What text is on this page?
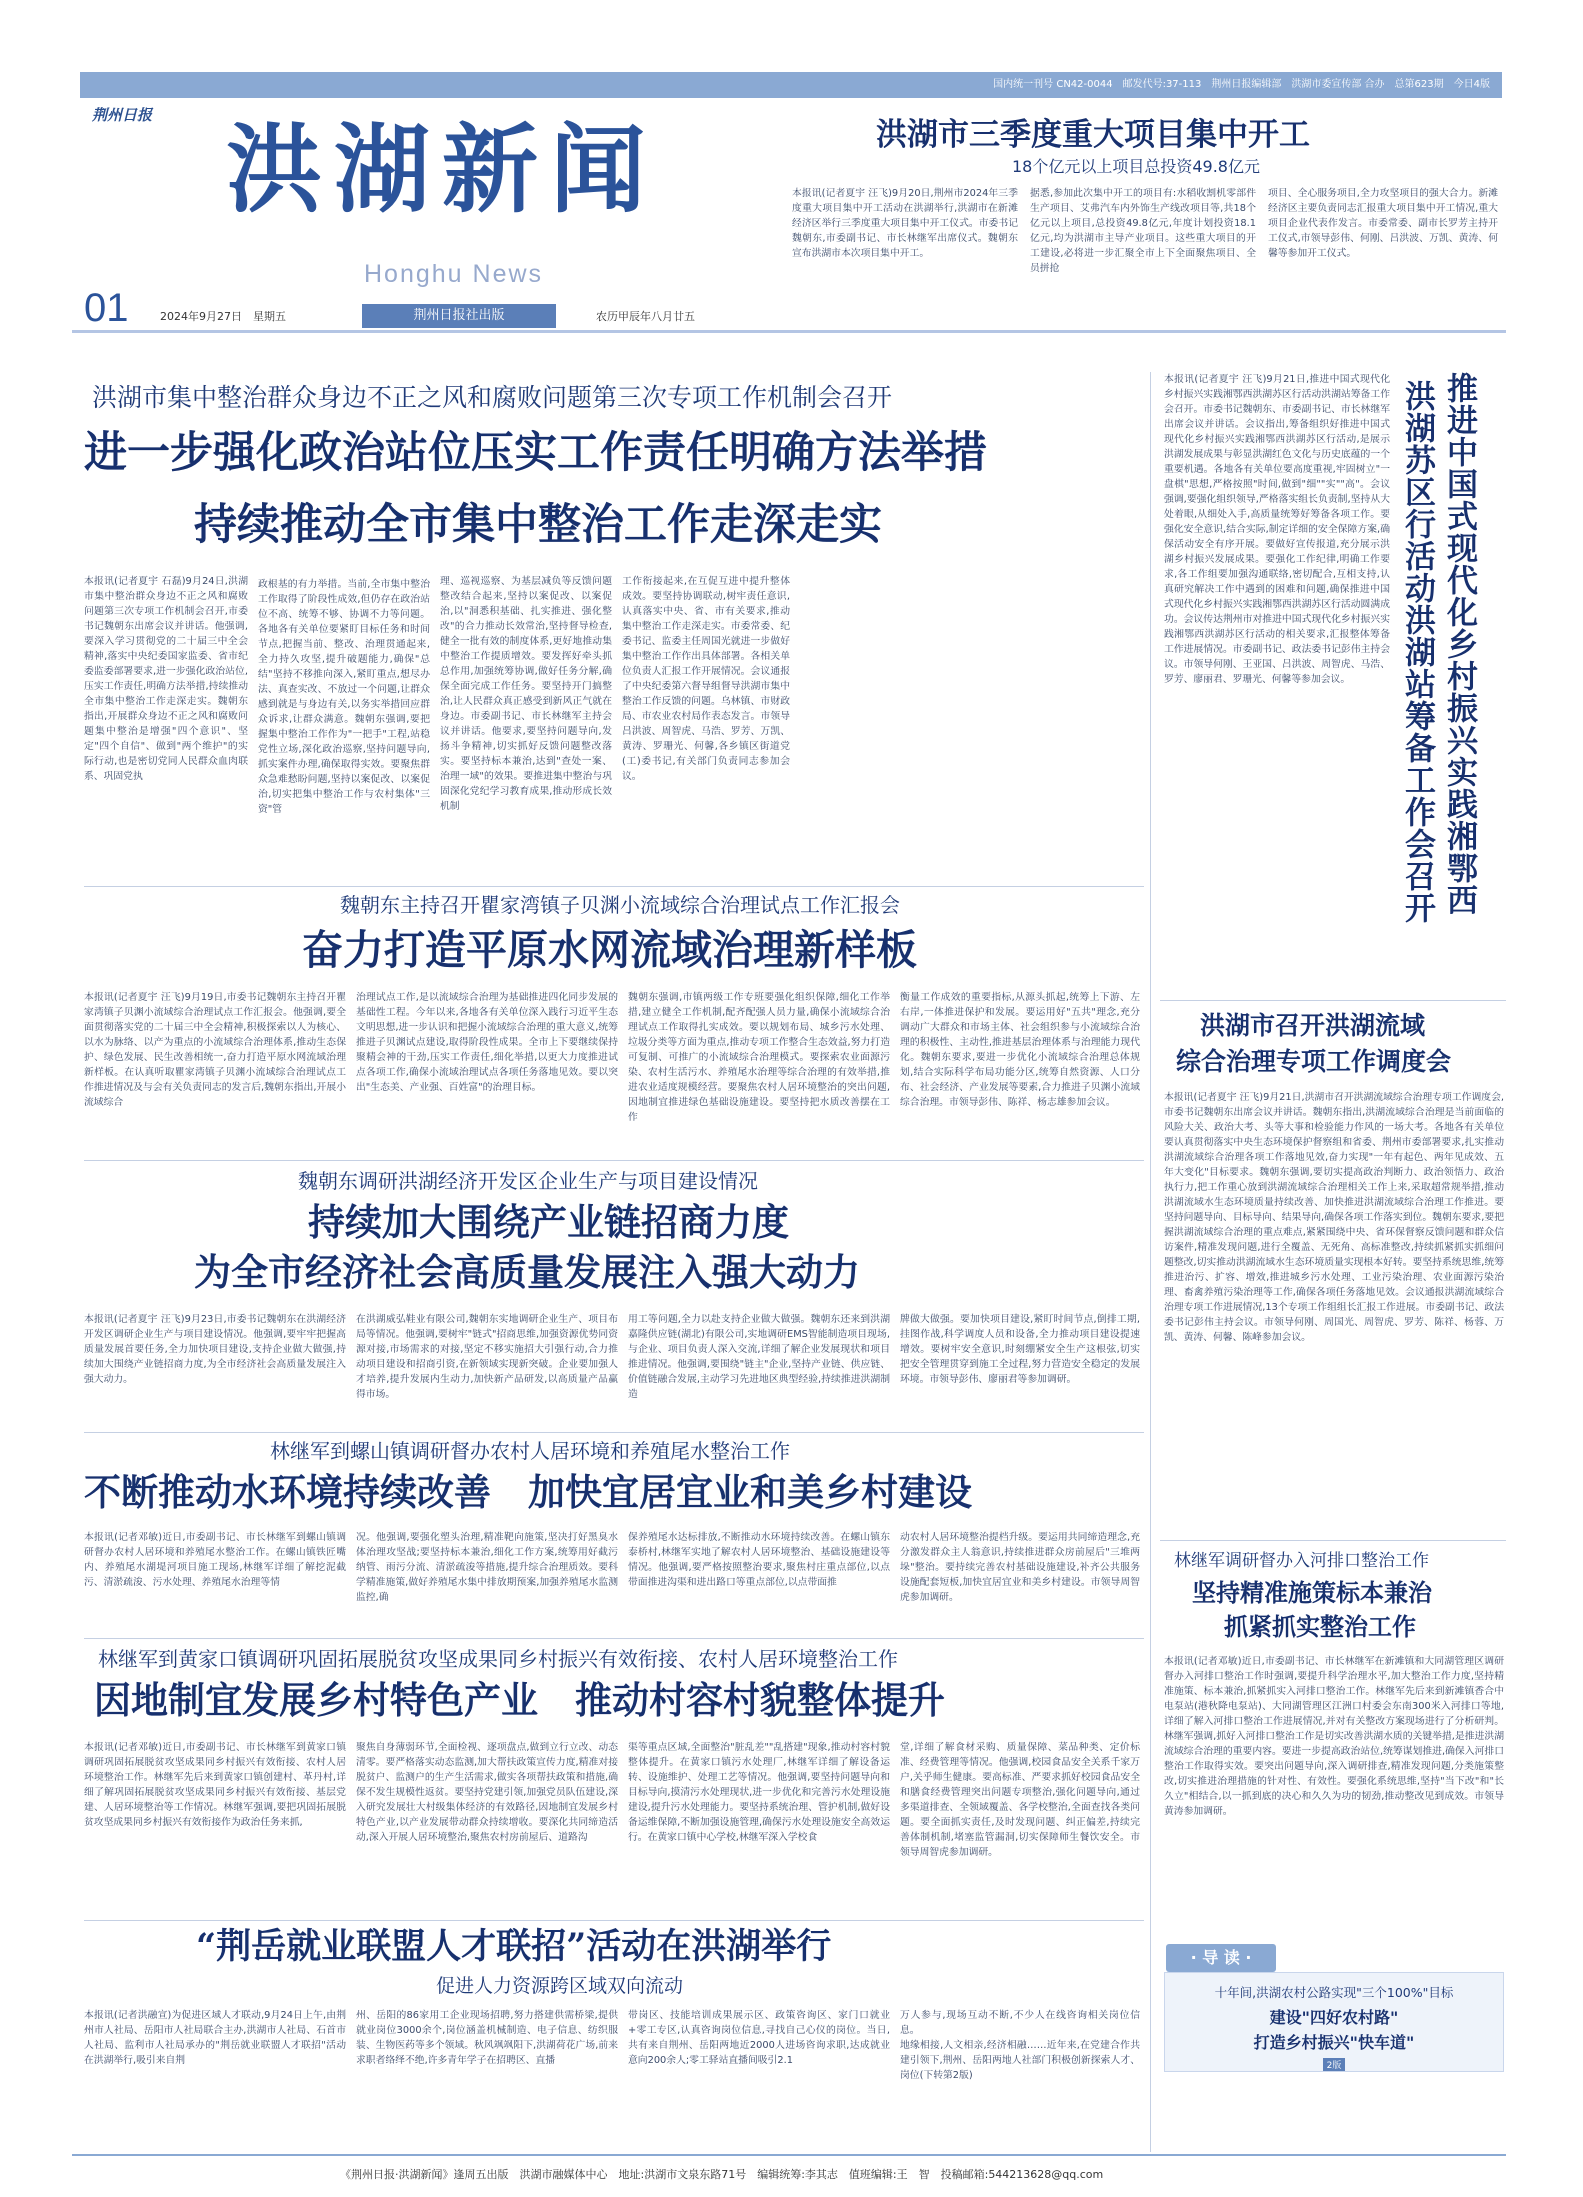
国内统一刊号 CN42-0044　邮发代号:37-113　荆州日报编辑部　洪湖市委宣传部 合办　总第623期　今日4版
荆州日报 洪湖新闻
Honghu News
01	2024年9月27日　星期五	荆州日报社出版	农历甲辰年八月廿五
洪湖市三季度重大项目集中开工
18个亿元以上项目总投资49.8亿元
本报讯(记者夏宇 汪飞)9月20日,荆州市2024年三季度重大项目集中开工活动在洪湖举行,洪湖市在新滩经济区举行三季度重大项目集中开工仪式。市委书记魏朝东,市委副书记、市长林继军出席仪式。魏朝东宣布洪湖市本次项目集中开工。
据悉,参加此次集中开工的项目有:水稻收割机零部件生产项目、艾弗汽车内外饰生产线改项目等,共18个亿元以上项目,总投资49.8亿元,年度计划投资18.1亿元,均为洪湖市主导产业项目。这些重大项目的开工建设,必将进一步汇聚全市上下全面聚焦项目、全员拼抢
项目、全心服务项目,全力攻坚项目的强大合力。新滩经济区主要负责同志汇报重大项目集中开工情况,重大项目企业代表作发言。市委常委、副市长罗芳主持开工仪式,市领导彭伟、何刚、吕洪波、万凯、黄涛、何馨等参加开工仪式。
洪湖市集中整治群众身边不正之风和腐败问题第三次专项工作机制会召开
进一步强化政治站位压实工作责任明确方法举措
持续推动全市集中整治工作走深走实
本报讯(记者夏宇 石磊)9月24日,洪湖市集中整治群众身边不正之风和腐败问题第三次专项工作机制会召开,市委书记魏朝东出席会议并讲话。他强调,要深入学习贯彻党的二十届三中全会精神,落实中央纪委国家监委、省市纪委监委部署要求,进一步强化政治站位,压实工作责任,明确方法举措,持续推动全市集中整治工作走深走实。魏朝东指出,开展群众身边不正之风和腐败问题集中整治是增强"四个意识"、坚定"四个自信"、做到"两个维护"的实际行动,也是密切党同人民群众血肉联系、巩固党执
政根基的有力举措。当前,全市集中整治工作取得了阶段性成效,但仍存在政治站位不高、统筹不够、协调不力等问题。各地各有关单位要紧盯目标任务和时间节点,把握当前、整改、治理贯通起来,全力持久攻坚,提升破题能力,确保"总结"坚持不移推向深入,紧盯重点,想尽办法、真查实改、不放过一个问题,让群众感到就是与身边有关,以务实举措回应群众诉求,让群众满意。魏朝东强调,要把握集中整治工作作为"一把手"工程,站稳党性立场,深化政治巡察,坚持问题导向,抓实案件办理,确保取得实效。要聚焦群众急难愁盼问题,坚持以案促改、以案促治,切实把集中整治工作与农村集体"三资"管
理、巡视巡察、为基层减负等反馈问题整改结合起来,坚持以案促改、以案促治,以"洞悉积基础、扎实推进、强化整改"的合力推动长效常治,坚持督导检查,健全一批有效的制度体系,更好地推动集中整治工作提质增效。要发挥好牵头抓总作用,加强统筹协调,做好任务分解,确保全面完成工作任务。要坚持开门搞整治,让人民群众真正感受到新风正气就在身边。市委副书记、市长林继军主持会议并讲话。他要求,要坚持问题导向,发扬斗争精神,切实抓好反馈问题整改落实。要坚持标本兼治,达到"查处一案、治理一域"的效果。要推进集中整治与巩固深化党纪学习教育成果,推动形成长效机制
工作衔接起来,在互促互进中提升整体成效。要坚持协调联动,树牢责任意识,认真落实中央、省、市有关要求,推动集中整治工作走深走实。市委常委、纪委书记、监委主任周国光就进一步做好集中整治工作作出具体部署。各相关单位负责人汇报工作开展情况。会议通报了中央纪委第六督导组督导洪湖市集中整治工作反馈的问题。乌林镇、市财政局、市农业农村局作表态发言。市领导吕洪波、周智虎、马浩、罗芳、万凯、黄涛、罗珊光、何馨,各乡镇区街道党(工)委书记,有关部门负责同志参加会议。
魏朝东主持召开瞿家湾镇子贝渊小流域综合治理试点工作汇报会
奋力打造平原水网流域治理新样板
本报讯(记者夏宇 汪飞)9月19日,市委书记魏朝东主持召开瞿家湾镇子贝渊小流域综合治理试点工作汇报会。他强调,要全面贯彻落实党的二十届三中全会精神,积极探索以人为核心、以水为脉络、以产为重点的小流域综合治理体系,推动生态保护、绿色发展、民生改善相统一,奋力打造平原水网流域治理新样板。在认真听取瞿家湾镇子贝渊小流域综合治理试点工作推进情况及与会有关负责同志的发言后,魏朝东指出,开展小流域综合
治理试点工作,是以流域综合治理为基础推进四化同步发展的基础性工程。今年以来,各地各有关单位深入践行习近平生态文明思想,进一步认识和把握小流域综合治理的重大意义,统筹推进子贝渊试点建设,取得阶段性成果。全市上下要继续保持聚精会神的干劲,压实工作责任,细化举措,以更大力度推进试点各项工作,确保小流域治理试点各项任务落地见效。要以突出"生态美、产业强、百姓富"的治理目标。
魏朝东强调,市镇两级工作专班要强化组织保障,细化工作举措,建立健全工作机制,配齐配强人员力量,确保小流域综合治理试点工作取得扎实成效。要以规划布局、城乡污水处理、垃圾分类等方面为重点,推动专项工作整合生态效益,努力打造可复制、可推广的小流域综合治理模式。要探索农业面源污染、农村生活污水、养殖尾水治理等综合治理的有效举措,推进农业适度规模经营。要聚焦农村人居环境整治的突出问题,因地制宜推进绿色基础设施建设。要坚持把水质改善摆在工作
衡量工作成效的重要指标,从源头抓起,统筹上下游、左右岸,一体推进保护和发展。要运用好"五共"理念,充分调动广大群众和市场主体、社会组织参与小流域综合治理的积极性、主动性,推进基层治理体系与治理能力现代化。魏朝东要求,要进一步优化小流域综合治理总体规划,结合实际科学布局功能分区,统筹自然资源、人口分布、社会经济、产业发展等要素,合力推进子贝渊小流域综合治理。市领导彭伟、陈祥、杨志雄参加会议。
魏朝东调研洪湖经济开发区企业生产与项目建设情况
持续加大围绕产业链招商力度
为全市经济社会高质量发展注入强大动力
本报讯(记者夏宇 汪飞)9月23日,市委书记魏朝东在洪湖经济开发区调研企业生产与项目建设情况。他强调,要牢牢把握高质量发展首要任务,全力加快项目建设,支持企业做大做强,持续加大围绕产业链招商力度,为全市经济社会高质量发展注入强大动力。
在洪湖威弘鞋业有限公司,魏朝东实地调研企业生产、项目布局等情况。他强调,要树牢"链式"招商思维,加强资源优势同资源对接,市场需求的对接,坚定不移实施招大引强行动,合力推动项目建设和招商引资,在新领域实现新突破。企业要加强人才培养,提升发展内生动力,加快新产品研发,以高质量产品赢得市场。
用工等问题,全力以赴支持企业做大做强。魏朝东还来到洪湖嘉隆供应链(湖北)有限公司,实地调研EMS智能制造项目现场,与企业、项目负责人深入交流,详细了解企业发展现状和项目推进情况。他强调,要围绕"链主"企业,坚持产业链、供应链、价值链融合发展,主动学习先进地区典型经验,持续推进洪湖制造
牌做大做强。要加快项目建设,紧盯时间节点,倒排工期,挂图作战,科学调度人员和设备,全力推动项目建设提速增效。要树牢安全意识,时刻绷紧安全生产这根弦,切实把安全管理贯穿到施工全过程,努力营造安全稳定的发展环境。市领导彭伟、廖丽君等参加调研。
林继军到螺山镇调研督办农村人居环境和养殖尾水整治工作
不断推动水环境持续改善　加快宜居宜业和美乡村建设
本报讯(记者邓敏)近日,市委副书记、市长林继军到螺山镇调研督办农村人居环境和养殖尾水整治工作。在螺山镇铁匠嘴内、养殖尾水湖堤河项目施工现场,林继军详细了解挖泥截污、清淤疏浚、污水处理、养殖尾水治理等情
况。他强调,要强化塑头治理,精准靶向施策,坚决打好黑臭水体治理攻坚战;要坚持标本兼治,细化工作方案,统筹用好截污纳管、雨污分流、清淤疏浚等措施,提升综合治理质效。要科学精准施策,做好养殖尾水集中排放期预案,加强养殖尾水监测监控,确
保养殖尾水达标排放,不断推动水环境持续改善。在螺山镇东泰桥村,林继军实地了解农村人居环境整治、基础设施建设等情况。他强调,要严格按照整治要求,聚焦村庄重点部位,以点带面推进沟渠和进出路口等重点部位,以点带面推
动农村人居环境整治提档升级。要运用共同缔造理念,充分激发群众主人翁意识,持续推进群众房前屋后"三堆两垛"整治。要持续完善农村基础设施建设,补齐公共服务设施配套短板,加快宜居宜业和美乡村建设。市领导周智虎参加调研。
林继军到黄家口镇调研巩固拓展脱贫攻坚成果同乡村振兴有效衔接、农村人居环境整治工作
因地制宜发展乡村特色产业　推动村容村貌整体提升
本报讯(记者邓敏)近日,市委副书记、市长林继军到黄家口镇调研巩固拓展脱贫攻坚成果同乡村振兴有效衔接、农村人居环境整治工作。林继军先后来到黄家口镇创建村、革丹村,详细了解巩固拓展脱贫攻坚成果同乡村振兴有效衔接、基层党建、人居环境整治等工作情况。林继军强调,要把巩固拓展脱贫攻坚成果同乡村振兴有效衔接作为政治任务来抓,
聚焦自身薄弱环节,全面检视、逐项盘点,做到立行立改、动态清零。要严格落实动态监测,加大帮扶政策宣传力度,精准对接脱贫户、监测户的生产生活需求,做实各项帮扶政策和措施,确保不发生规模性返贫。要坚持党建引领,加强党员队伍建设,深入研究发展壮大村级集体经济的有效路径,因地制宜发展乡村特色产业,以产业发展带动群众持续增收。要深化共同缔造活动,深入开展人居环境整治,聚焦农村房前屋后、道路沟
渠等重点区域,全面整治"脏乱差""乱搭建"现象,推动村容村貌整体提升。在黄家口镇污水处理厂,林继军详细了解设备运转、设施维护、处理工艺等情况。他强调,要坚持问题导向和目标导向,摸清污水处理现状,进一步优化和完善污水处理设施建设,提升污水处理能力。要坚持系统治理、管护机制,做好设备运维保障,不断加强设施管理,确保污水处理设施安全高效运行。在黄家口镇中心学校,林继军深入学校食
堂,详细了解食材采购、质量保障、菜品种类、定价标准、经费管理等情况。他强调,校园食品安全关系千家万户,关乎师生健康。要高标准、严要求抓好校园食品安全和膳食经费管理突出问题专项整治,强化问题导向,通过多渠道排查、全领域覆盖、各学校整治,全面查找各类问题。要全面抓实责任,及时发现问题、纠正偏差,持续完善体制机制,堵塞监管漏洞,切实保障师生餐饮安全。市领导周智虎参加调研。
“荆岳就业联盟人才联招”活动在洪湖举行
促进人力资源跨区域双向流动
本报讯(记者洪融宣)为促进区域人才联动,9月24日上午,由荆州市人社局、岳阳市人社局联合主办,洪湖市人社局、石首市人社局、监利市人社局承办的"荆岳就业联盟人才联招"活动在洪湖举行,吸引来自荆
州、岳阳的86家用工企业现场招聘,努力搭建供需桥梁,提供就业岗位3000余个,岗位涵盖机械制造、电子信息、纺织服装、生物医药等多个领域。秋风飒飒阳下,洪湖荷花广场,前来求职者络绎不绝,许多青年学子在招聘区、直播
带岗区、技能培训成果展示区、政策咨询区、家门口就业+零工专区,认真咨询岗位信息,寻找自己心仪的岗位。当日,共有来自荆州、岳阳两地近2000人进场咨询求职,达成就业意向200余人;零工驿站直播间吸引2.1
万人参与,现场互动不断,不少人在线咨询相关岗位信息。
地缘相接,人文相亲,经济相融……近年来,在党建合作共建引领下,荆州、岳阳两地人社部门积极创新探索人才、岗位(下转第2版)
本报讯(记者夏宇 汪飞)9月21日,推进中国式现代化乡村振兴实践湘鄂西洪湖苏区行活动洪湖站筹备工作会召开。市委书记魏朝东、市委副书记、市长林继军出席会议并讲话。会议指出,筹备组织好推进中国式现代化乡村振兴实践湘鄂西洪湖苏区行活动,是展示洪湖发展成果与彰显洪湖红色文化与历史底蕴的一个重要机遇。各地各有关单位要高度重视,牢固树立"一盘棋"思想,严格按照"时间,做到"细""实""高"。会议强调,要强化组织领导,严格落实组长负责制,坚持从大处着眼,从细处入手,高质量统筹好筹备各项工作。要强化安全意识,结合实际,制定详细的安全保障方案,确保活动安全有序开展。要做好宣传报道,充分展示洪湖乡村振兴发展成果。要强化工作纪律,明确工作要求,各工作组要加强沟通联络,密切配合,互相支持,认真研究解决工作中遇到的困难和问题,确保推进中国式现代化乡村振兴实践湘鄂西洪湖苏区行活动圆满成功。会议传达荆州市对推进中国式现代化乡村振兴实践湘鄂西洪湖苏区行活动的相关要求,汇报整体筹备工作进展情况。市委副书记、政法委书记彭伟主持会议。市领导何刚、王亚国、吕洪波、周智虎、马浩、罗芳、廖丽君、罗珊光、何馨等参加会议。	推进中国式现代化乡村振兴实践湘鄂西
洪湖苏区行活动洪湖站筹备工作会召开
洪湖市召开洪湖流域
综合治理专项工作调度会
本报讯(记者夏宇 汪飞)9月21日,洪湖市召开洪湖流域综合治理专项工作调度会,市委书记魏朝东出席会议并讲话。魏朝东指出,洪湖流域综合治理是当前面临的风险大关、政治大考、头等大事和检验能力作风的一场大考。各地各有关单位要认真贯彻落实中央生态环境保护督察组和省委、荆州市委部署要求,扎实推动洪湖流域综合治理各项工作落地见效,奋力实现"一年有起色、两年见成效、五年大变化"目标要求。魏朝东强调,要切实提高政治判断力、政治领悟力、政治执行力,把工作重心放到洪湖流域综合治理相关工作上来,采取超常规举措,推动洪湖流域水生态环境质量持续改善、加快推进洪湖流域综合治理工作推进。要坚持问题导向、目标导向、结果导向,确保各项工作落实到位。魏朝东要求,要把握洪湖流域综合治理的重点难点,紧紧围绕中央、省环保督察反馈问题和群众信访案件,精准发现问题,进行全覆盖、无死角、高标准整改,持续抓紧抓实抓细问题整改,切实推动洪湖流域水生态环境质量实现根本好转。要坚持系统思维,统筹推进治污、扩容、增效,推进城乡污水处理、工业污染治理、农业面源污染治理、畜禽养殖污染治理等工作,确保各项任务落地见效。会议通报洪湖流域综合治理专项工作进展情况,13个专项工作组组长汇报工作进展。市委副书记、政法委书记彭伟主持会议。市领导何刚、周国光、周智虎、罗芳、陈祥、杨蓉、万凯、黄涛、何馨、陈峰参加会议。
林继军调研督办入河排口整治工作
坚持精准施策标本兼治
抓紧抓实整治工作
本报讯(记者邓敏)近日,市委副书记、市长林继军在新滩镇和大同湖管理区调研督办入河排口整治工作时强调,要提升科学治理水平,加大整治工作力度,坚持精准施策、标本兼治,抓紧抓实入河排口整治工作。林继军先后来到新滩镇香合中电泵站(港秋降电泵站)、大同湖管理区江洲口村委会东南300米入河排口等地,详细了解入河排口整治工作进展情况,并对有关整改方案现场进行了分析研判。林继军强调,抓好入河排口整治工作是切实改善洪湖水质的关键举措,是推进洪湖流域综合治理的重要内容。要进一步提高政治站位,统筹谋划推进,确保入河排口整治工作取得实效。要突出问题导向,深入调研排查,精准发现问题,分类施策整改,切实推进治理措施的针对性、有效性。要强化系统思维,坚持"当下改"和"长久立"相结合,以一抓到底的决心和久久为功的韧劲,推动整改见到成效。市领导黄涛参加调研。
· 导 读 ·
十年间,洪湖农村公路实现"三个100%"目标
建设"四好农村路"
打造乡村振兴"快车道"
2版
《荆州日报·洪湖新闻》逢周五出版　洪湖市融媒体中心　地址:洪湖市文泉东路71号　编辑统筹:李其志　值班编辑:王　智　投稿邮箱:544213628@qq.com
